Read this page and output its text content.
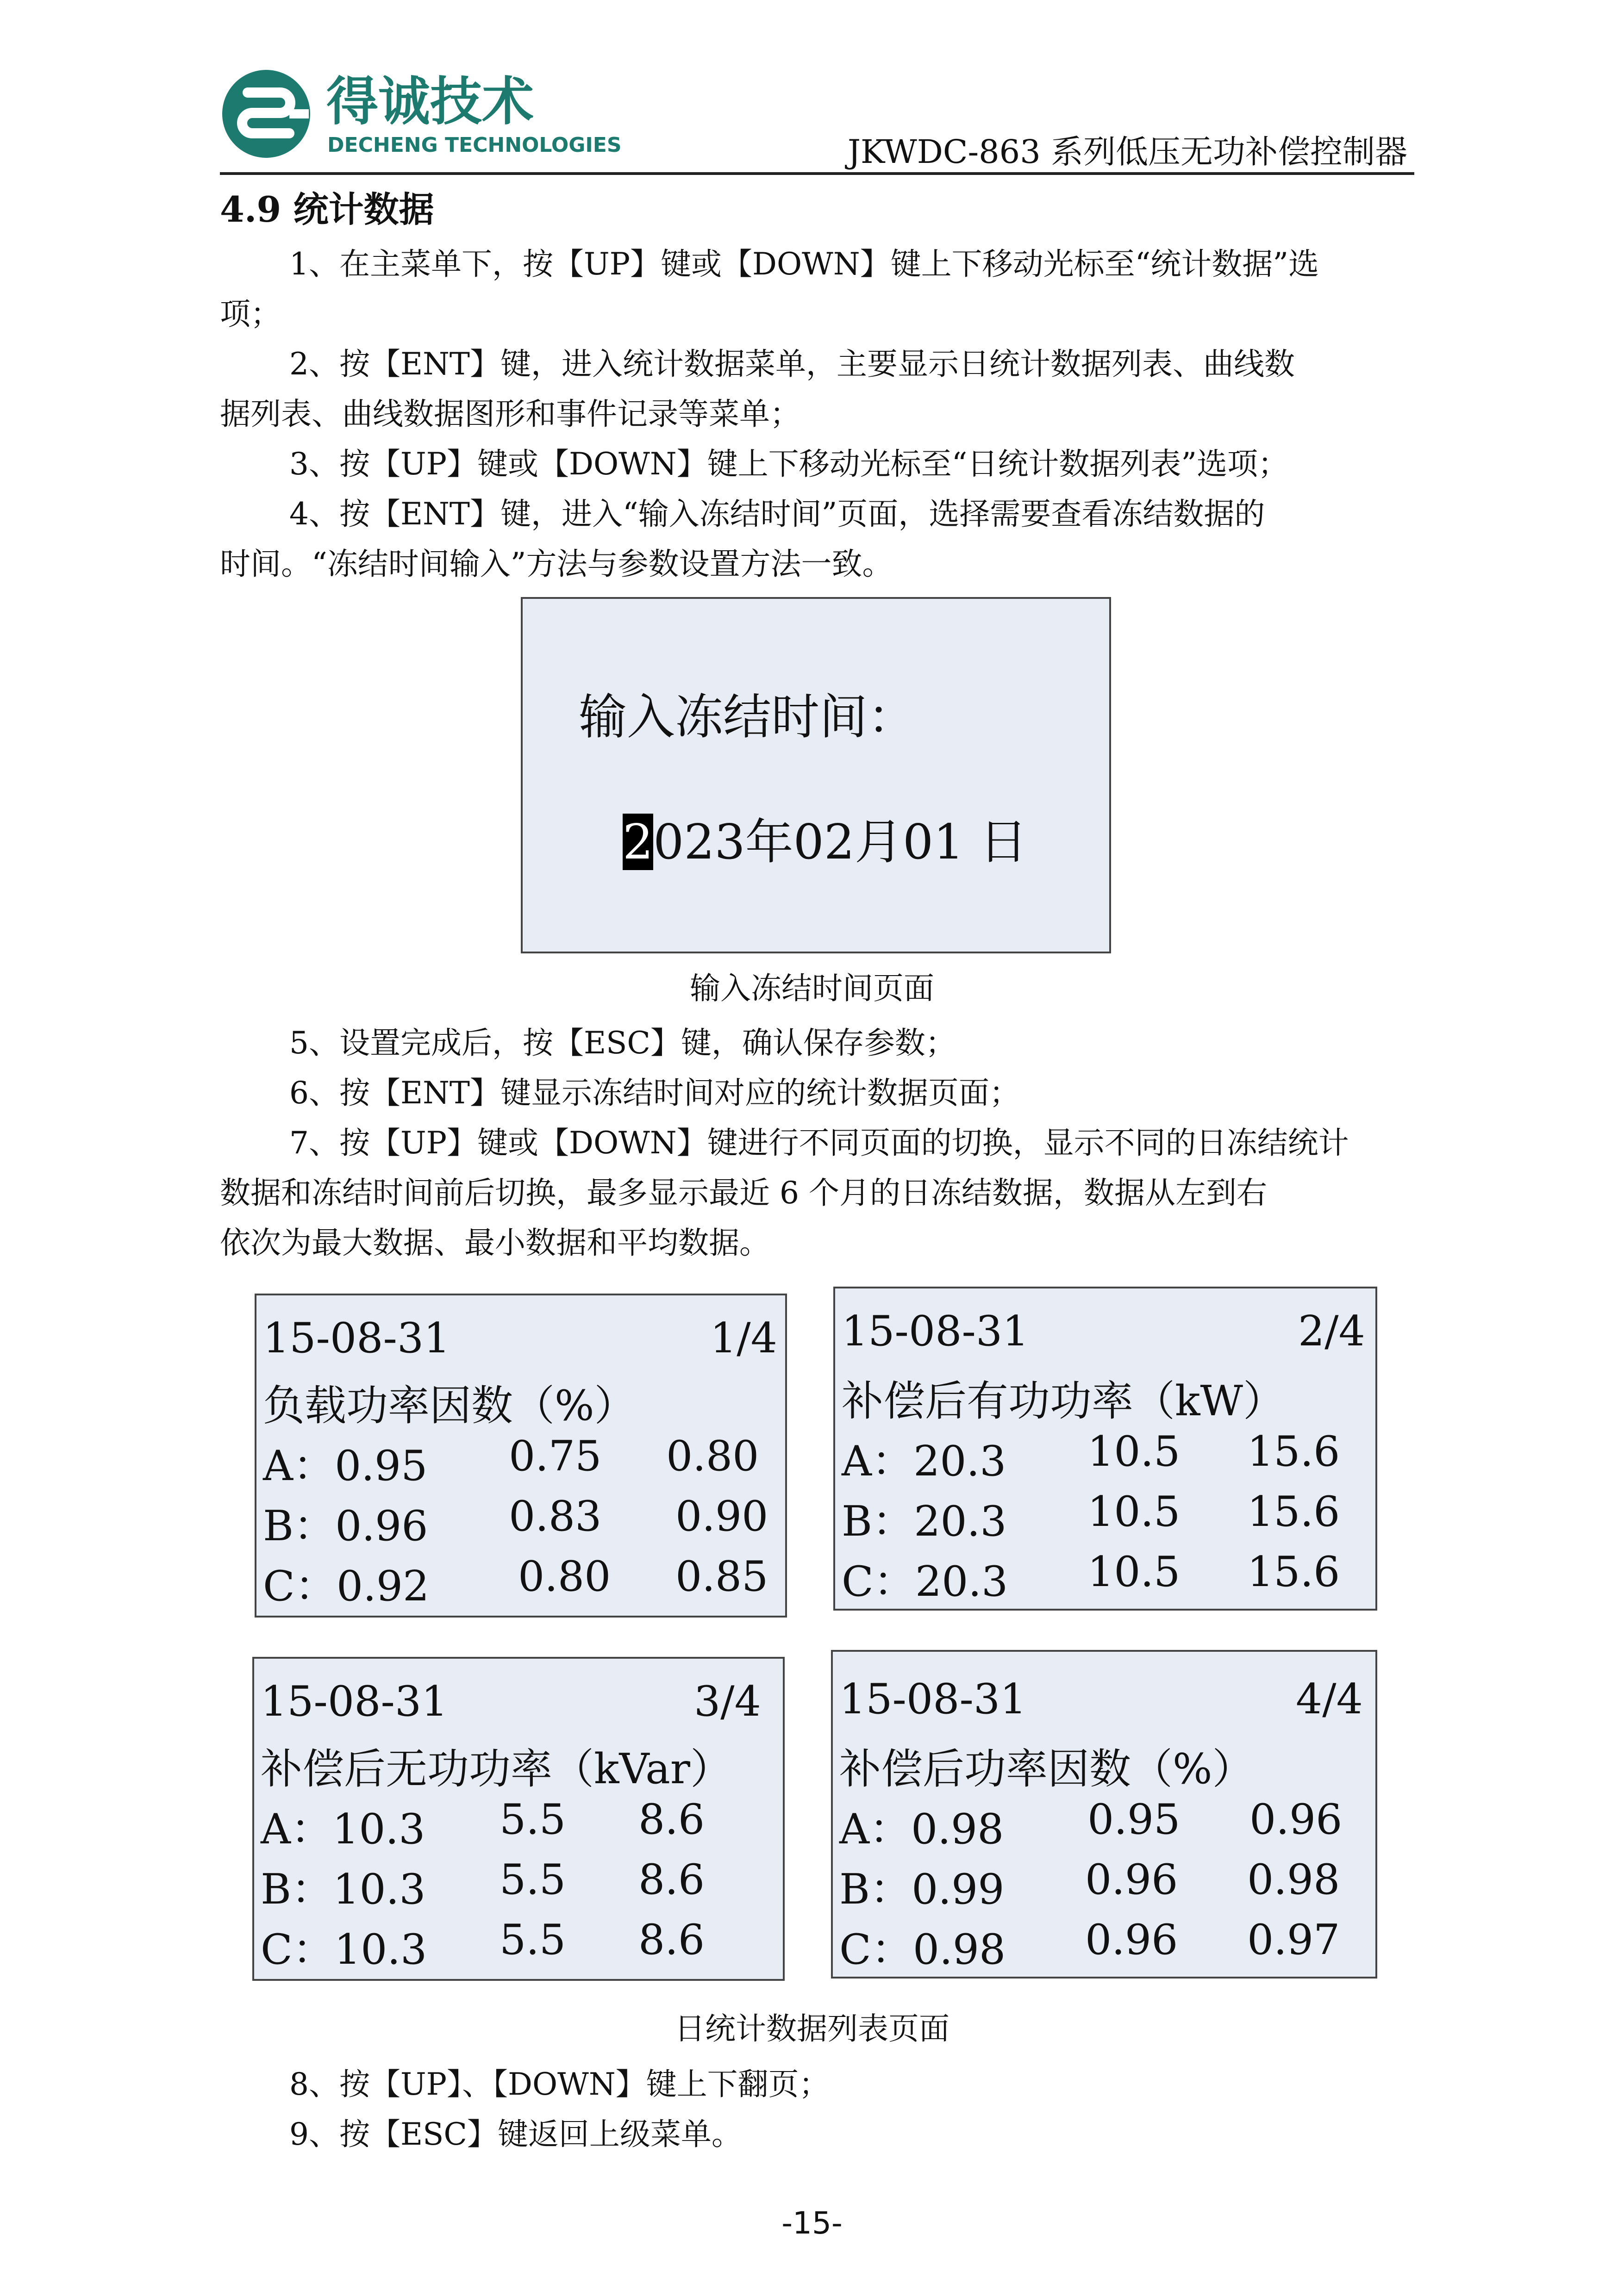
得诚技术
DECHENG TECHNOLOGIES	JKWDC-863 系列低压无功补偿控制器
4.9 统计数据

1、在主菜单下，按【UP】键或【DOWN】键上下移动光标至“统计数据”选

项；

2、按【ENT】键，进入统计数据菜单，主要显示日统计数据列表、曲线数

据列表、曲线数据图形和事件记录等菜单；

3、按【UP】键或【DOWN】键上下移动光标至“日统计数据列表”选项；

4、按【ENT】键，进入“输入冻结时间”页面，选择需要查看冻结数据的

时间。“冻结时间输入”方法与参数设置方法一致。

输入冻结时间：
2023年02月01 日
输入冻结时间页面

5、设置完成后，按【ESC】键，确认保存参数；

6、按【ENT】键显示冻结时间对应的统计数据页面；

7、按【UP】键或【DOWN】键进行不同页面的切换，显示不同的日冻结统计

数据和冻结时间前后切换，最多显示最近 6 个月的日冻结数据，数据从左到右

依次为最大数据、最小数据和平均数据。

15-08-31	1/4
负载功率因数（%）
A：0.95 0.75 0.80
B：0.96 0.83 0.90
C：0.92 0.80 0.85
15-08-31	2/4
补偿后有功功率（kW）
A：20.3 10.5 15.6
B：20.3 10.5 15.6
C：20.3 10.5 15.6
15-08-31	3/4
补偿后无功功率（kVar）
A：10.3 5.5 8.6
B：10.3 5.5 8.6
C：10.3 5.5 8.6
15-08-31	4/4
补偿后功率因数（%）
A：0.98 0.95 0.96
B：0.99 0.96 0.98
C：0.98 0.96 0.97
日统计数据列表页面

8、按【UP】、【DOWN】键上下翻页；

9、按【ESC】键返回上级菜单。

-15-
